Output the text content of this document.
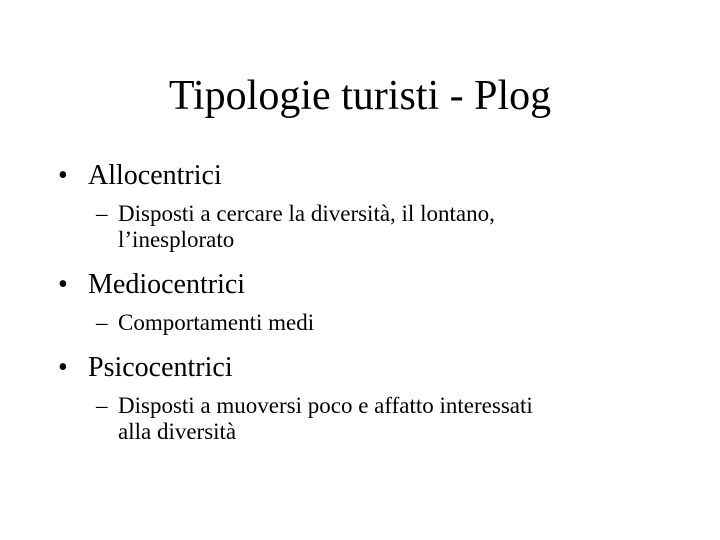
Tipologie turisti - Plog
• Allocentrici
– Disposti a cercare la diversità, il lontano,
l’inesplorato
• Mediocentrici
– Comportamenti medi
• Psicocentrici
– Disposti a muoversi poco e affatto interessati
alla diversità
